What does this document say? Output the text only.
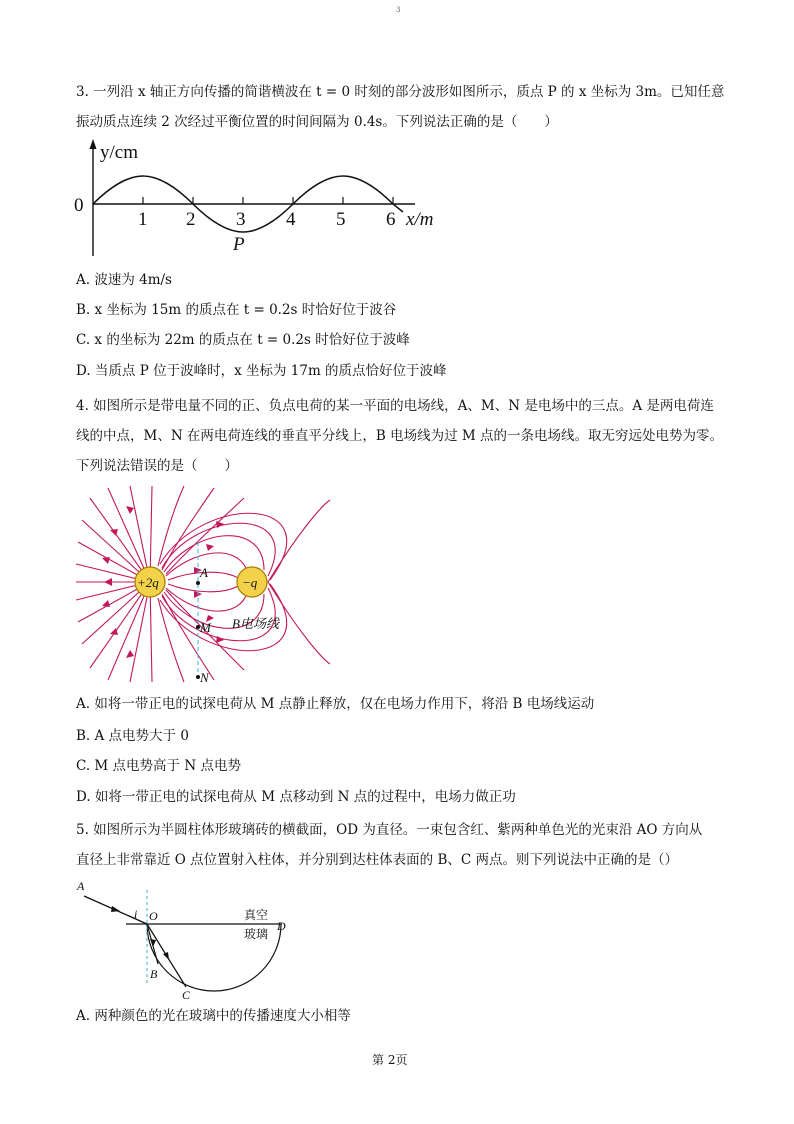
3
3. 一列沿 x 轴正方向传播的简谐横波在 t = 0 时刻的部分波形如图所示，质点 P 的 x 坐标为 3m。已知任意
振动质点连续 2 次经过平衡位置的时间间隔为 0.4s。下列说法正确的是（　　）
y/cm
0
1 2 3 4 5 6 x/m
P
A. 波速为 4m/s
B. x 坐标为 15m 的质点在 t = 0.2s 时恰好位于波谷
C. x 的坐标为 22m 的质点在 t = 0.2s 时恰好位于波峰
D. 当质点 P 位于波峰时，x 坐标为 17m 的质点恰好位于波峰
4. 如图所示是带电量不同的正、负点电荷的某一平面的电场线，A、M、N 是电场中的三点。A 是两电荷连
线的中点，M、N 在两电荷连线的垂直平分线上，B 电场线为过 M 点的一条电场线。取无穷远处电势为零。
下列说法错误的是（　　）
+2q	−q
A
M
N
B电场线
A. 如将一带正电的试探电荷从 M 点静止释放，仅在电场力作用下，将沿 B 电场线运动
B. A 点电势大于 0
C. M 点电势高于 N 点电势
D. 如将一带正电的试探电荷从 M 点移动到 N 点的过程中，电场力做正功
5. 如图所示为半圆柱体形玻璃砖的横截面，OD 为直径。一束包含红、紫两种单色光的光束沿 AO 方向从
直径上非常靠近 O 点位置射入柱体，并分别到达柱体表面的 B、C 两点。则下列说法中正确的是（）
A
i O	真空
玻璃
D
B
C
A. 两种颜色的光在玻璃中的传播速度大小相等
第 2页
